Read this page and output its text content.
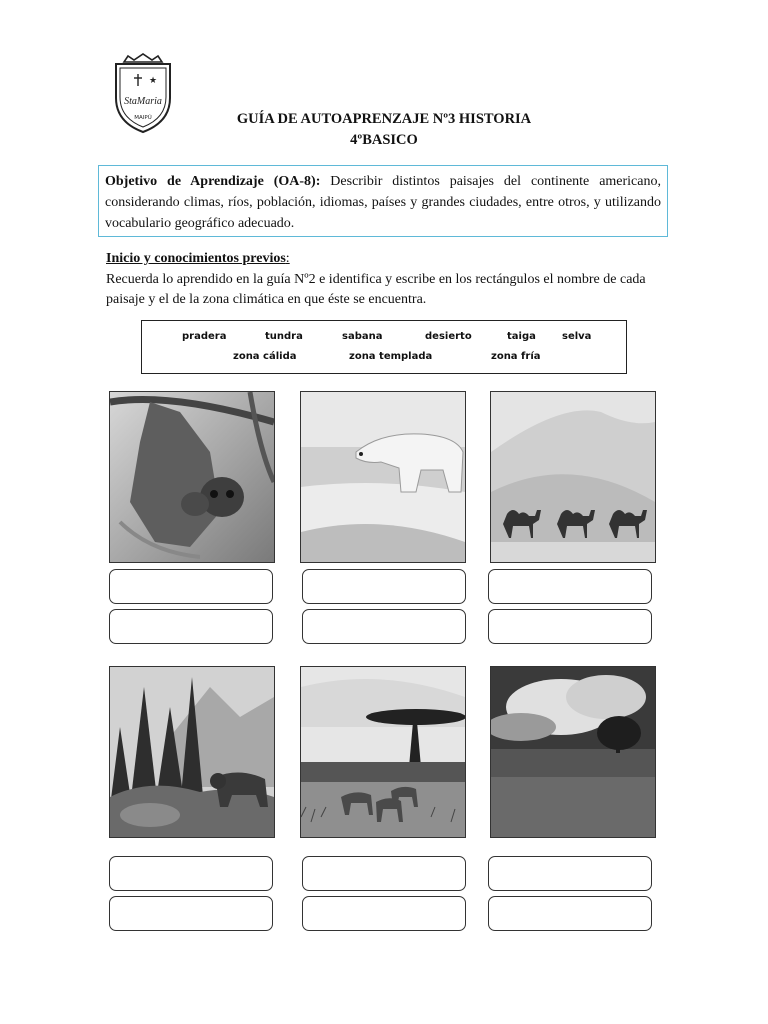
★
StaMaria
MAIPÚ	GUÍA DE AUTOAPRENZAJE Nº3 HISTORIA
4ºBASICO
Objetivo de Aprendizaje (OA-8): Describir distintos paisajes del continente americano, considerando climas, ríos, población, idiomas, países y grandes ciudades, entre otros, y utilizando vocabulario geográfico adecuado.
Inicio y conocimientos previos:
Recuerda lo aprendido en la guía Nº2 e identifica y escribe en los rectángulos el nombre de cada paisaje y el de la zona climática en que éste se encuentra.
pradera	tundra	sabana	desierto	taiga	selva
zona cálida	zona templada	zona fría
